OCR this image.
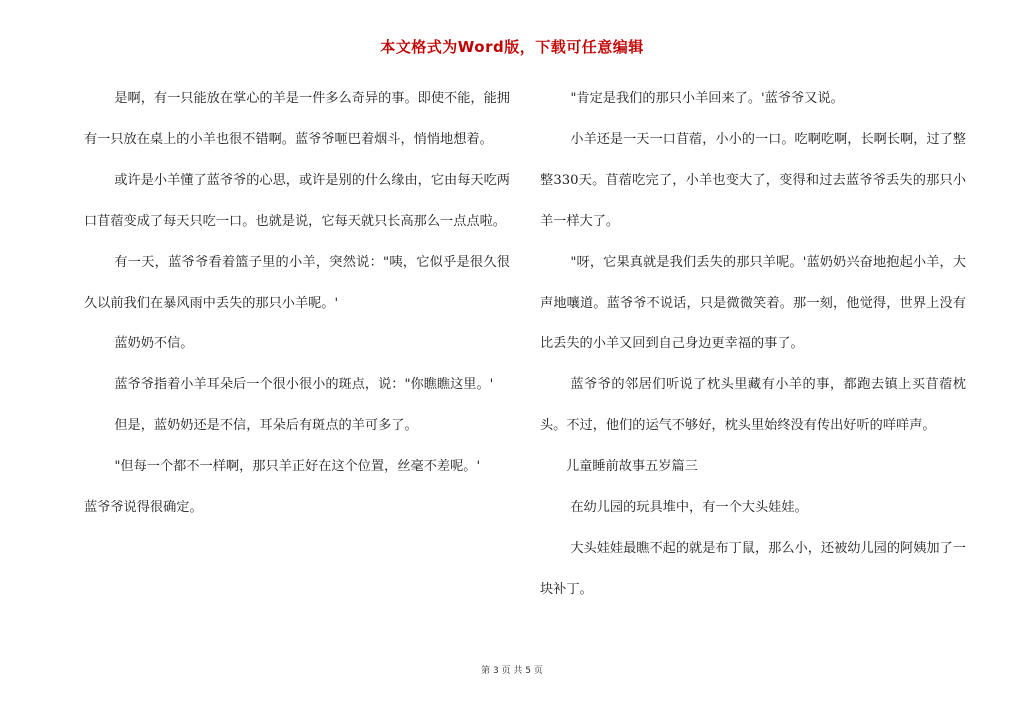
本文格式为Word版，下载可任意编辑

是啊，有一只能放在掌心的羊是一件多么奇异的事。即使不能，能拥有一只放在桌上的小羊也很不错啊。蓝爷爷咂巴着烟斗，悄悄地想着。

或许是小羊懂了蓝爷爷的心思，或许是别的什么缘由，它由每天吃两口苜蓿变成了每天只吃一口。也就是说，它每天就只长高那么一点点啦。

有一天，蓝爷爷看着篮子里的小羊，突然说："咦，它似乎是很久很久以前我们在暴风雨中丢失的那只小羊呢。'

蓝奶奶不信。

蓝爷爷指着小羊耳朵后一个很小很小的斑点，说："你瞧瞧这里。'

但是，蓝奶奶还是不信，耳朵后有斑点的羊可多了。

"但每一个都不一样啊，那只羊正好在这个位置，丝毫不差呢。'

蓝爷爷说得很确定。

"肯定是我们的那只小羊回来了。'蓝爷爷又说。

小羊还是一天一口苜蓿，小小的一口。吃啊吃啊，长啊长啊，过了整整330天。苜蓿吃完了，小羊也变大了，变得和过去蓝爷爷丢失的那只小羊一样大了。

"呀，它果真就是我们丢失的那只羊呢。'蓝奶奶兴奋地抱起小羊，大声地嚷道。蓝爷爷不说话，只是微微笑着。那一刻，他觉得，世界上没有比丢失的小羊又回到自己身边更幸福的事了。

蓝爷爷的邻居们听说了枕头里藏有小羊的事，都跑去镇上买苜蓿枕头。不过，他们的运气不够好，枕头里始终没有传出好听的咩咩声。

儿童睡前故事五岁篇三

在幼儿园的玩具堆中，有一个大头娃娃。

大头娃娃最瞧不起的就是布丁鼠，那么小，还被幼儿园的阿姨加了一块补丁。

第 3 页 共 5 页
